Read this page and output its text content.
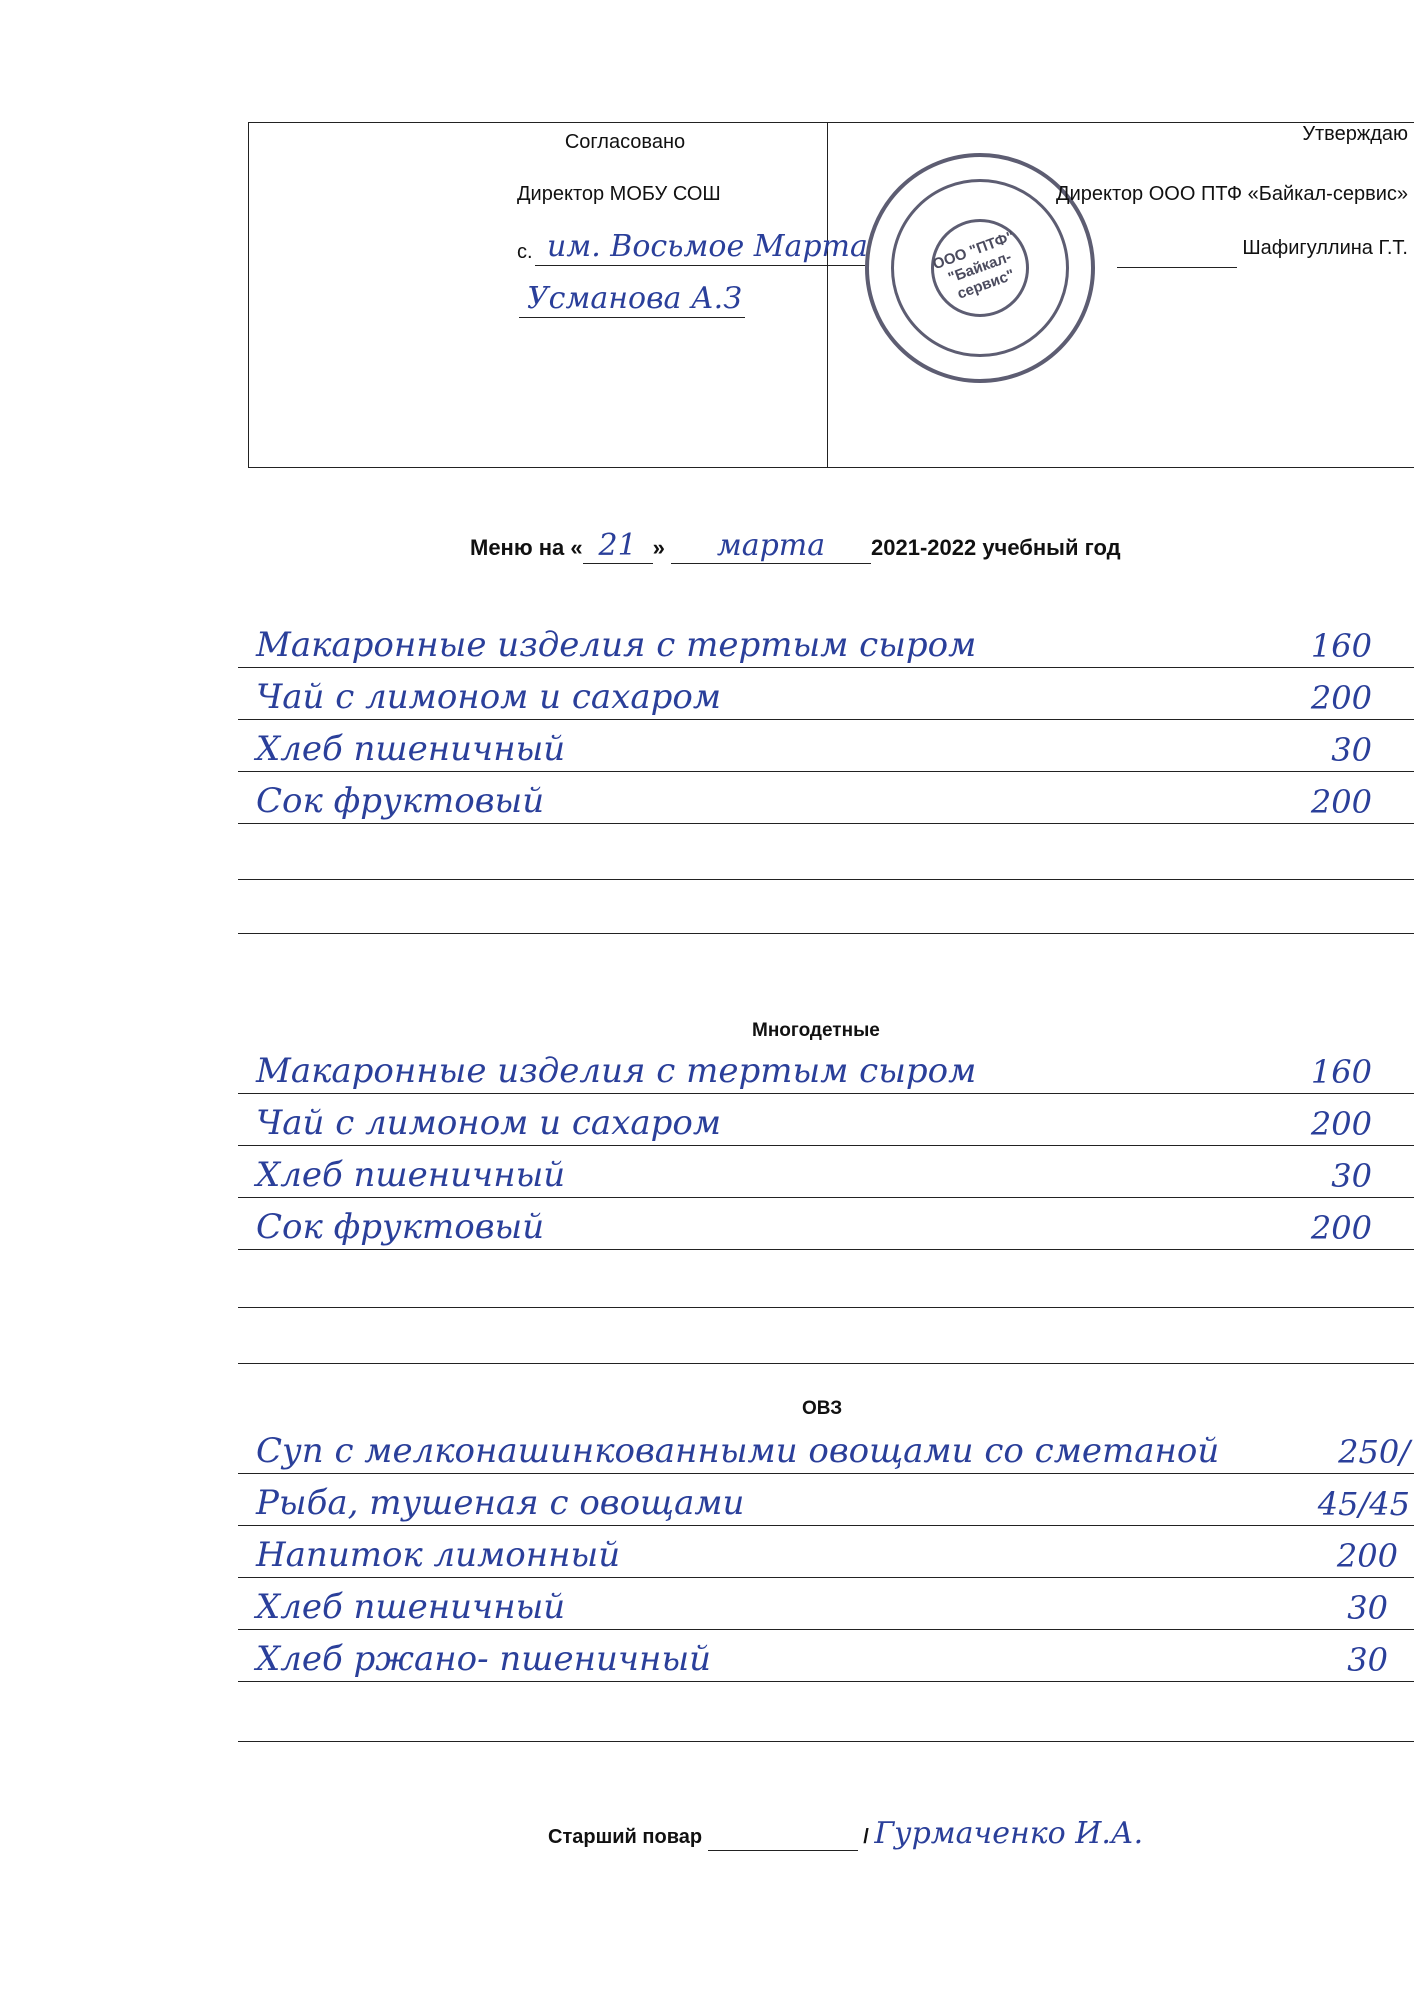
Согласовано
Директор МОБУ СОШ
с. им. Восьмое Марта
Усманова А.З
ООО "ПТФ" "Байкал-сервис"
Утверждаю
Директор ООО ПТФ «Байкал-сервис»
Шафигуллина Г.Т.
Меню на « 21 » марта 2021-2022 учебный год
Макаронные изделия с тертым сыром	160
Чай с лимоном и сахаром	200
Хлеб пшеничный	30
Сок фруктовый	200
Многодетные
Макаронные изделия с тертым сыром	160
Чай с лимоном и сахаром	200
Хлеб пшеничный	30
Сок фруктовый	200
ОВЗ
Суп с мелконашинкованными овощами со сметаной	250/
Рыба, тушеная с овощами	45/45
Напиток лимонный	200
Хлеб пшеничный	30
Хлеб ржано- пшеничный	30
Старший повар	/ Гурмаченко И.А.
